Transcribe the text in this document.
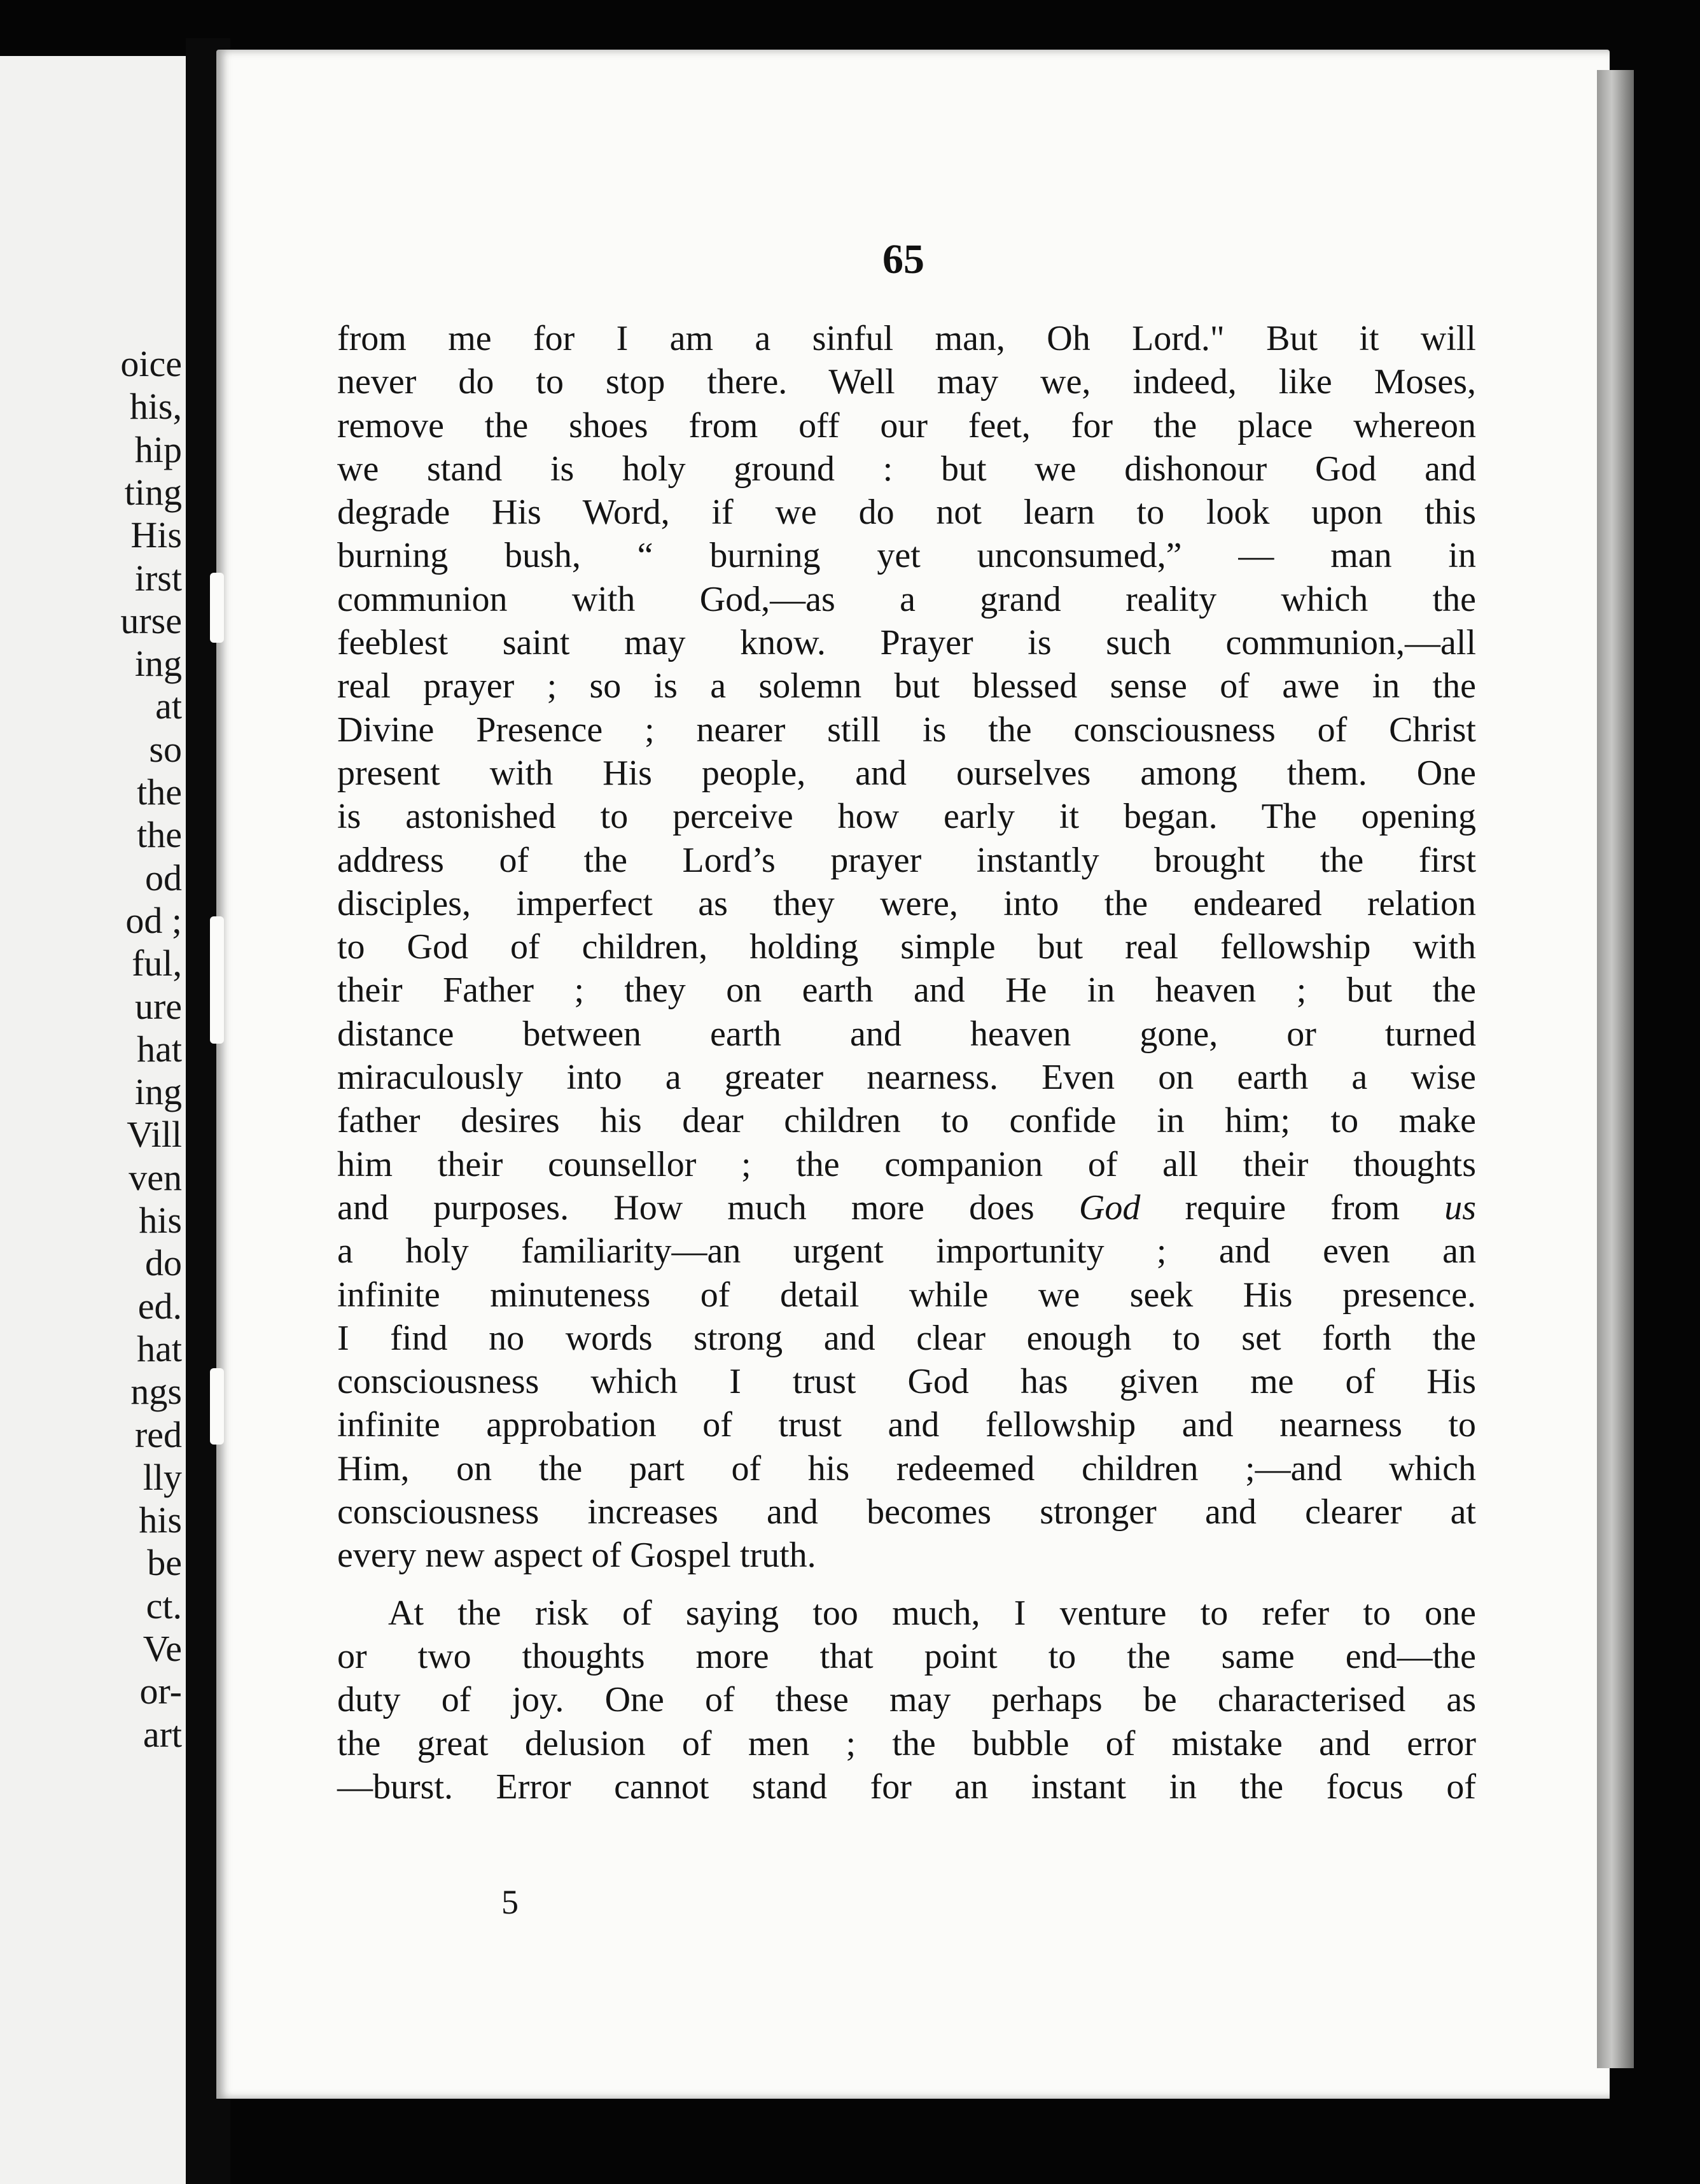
oice
his,
hip
ting
His
irst
urse
ing
at
so
the
the
od
od ;
ful,
ure
hat
ing
Vill
ven
his
do
ed.
hat
ngs
red
lly
his
be
ct.
Ve
or-
art
65
from me for I am a sinful man, Oh Lord." But it will
never do to stop there. Well may we, indeed, like Moses,
remove the shoes from off our feet, for the place whereon
we stand is holy ground : but we dishonour God and
degrade His Word, if we do not learn to look upon this
burning bush, “ burning yet unconsumed,” — man in
communion with God,—as a grand reality which the
feeblest saint may know. Prayer is such communion,—all
real prayer ; so is a solemn but blessed sense of awe in the
Divine Presence ; nearer still is the consciousness of Christ
present with His people, and ourselves among them. One
is astonished to perceive how early it began. The opening
address of the Lord’s prayer instantly brought the first
disciples, imperfect as they were, into the endeared relation
to God of children, holding simple but real fellowship with
their Father ; they on earth and He in heaven ; but the
distance between earth and heaven gone, or turned
miraculously into a greater nearness. Even on earth a wise
father desires his dear children to confide in him; to make
him their counsellor ; the companion of all their thoughts
and purposes. How much more does God require from us
a holy familiarity—an urgent importunity ; and even an
infinite minuteness of detail while we seek His presence.
I find no words strong and clear enough to set forth the
consciousness which I trust God has given me of His
infinite approbation of trust and fellowship and nearness to
Him, on the part of his redeemed children ;—and which
consciousness increases and becomes stronger and clearer at
every new aspect of Gospel truth.
At the risk of saying too much, I venture to refer to one
or two thoughts more that point to the same end—the
duty of joy. One of these may perhaps be characterised as
the great delusion of men ; the bubble of mistake and error
—burst. Error cannot stand for an instant in the focus of
5
